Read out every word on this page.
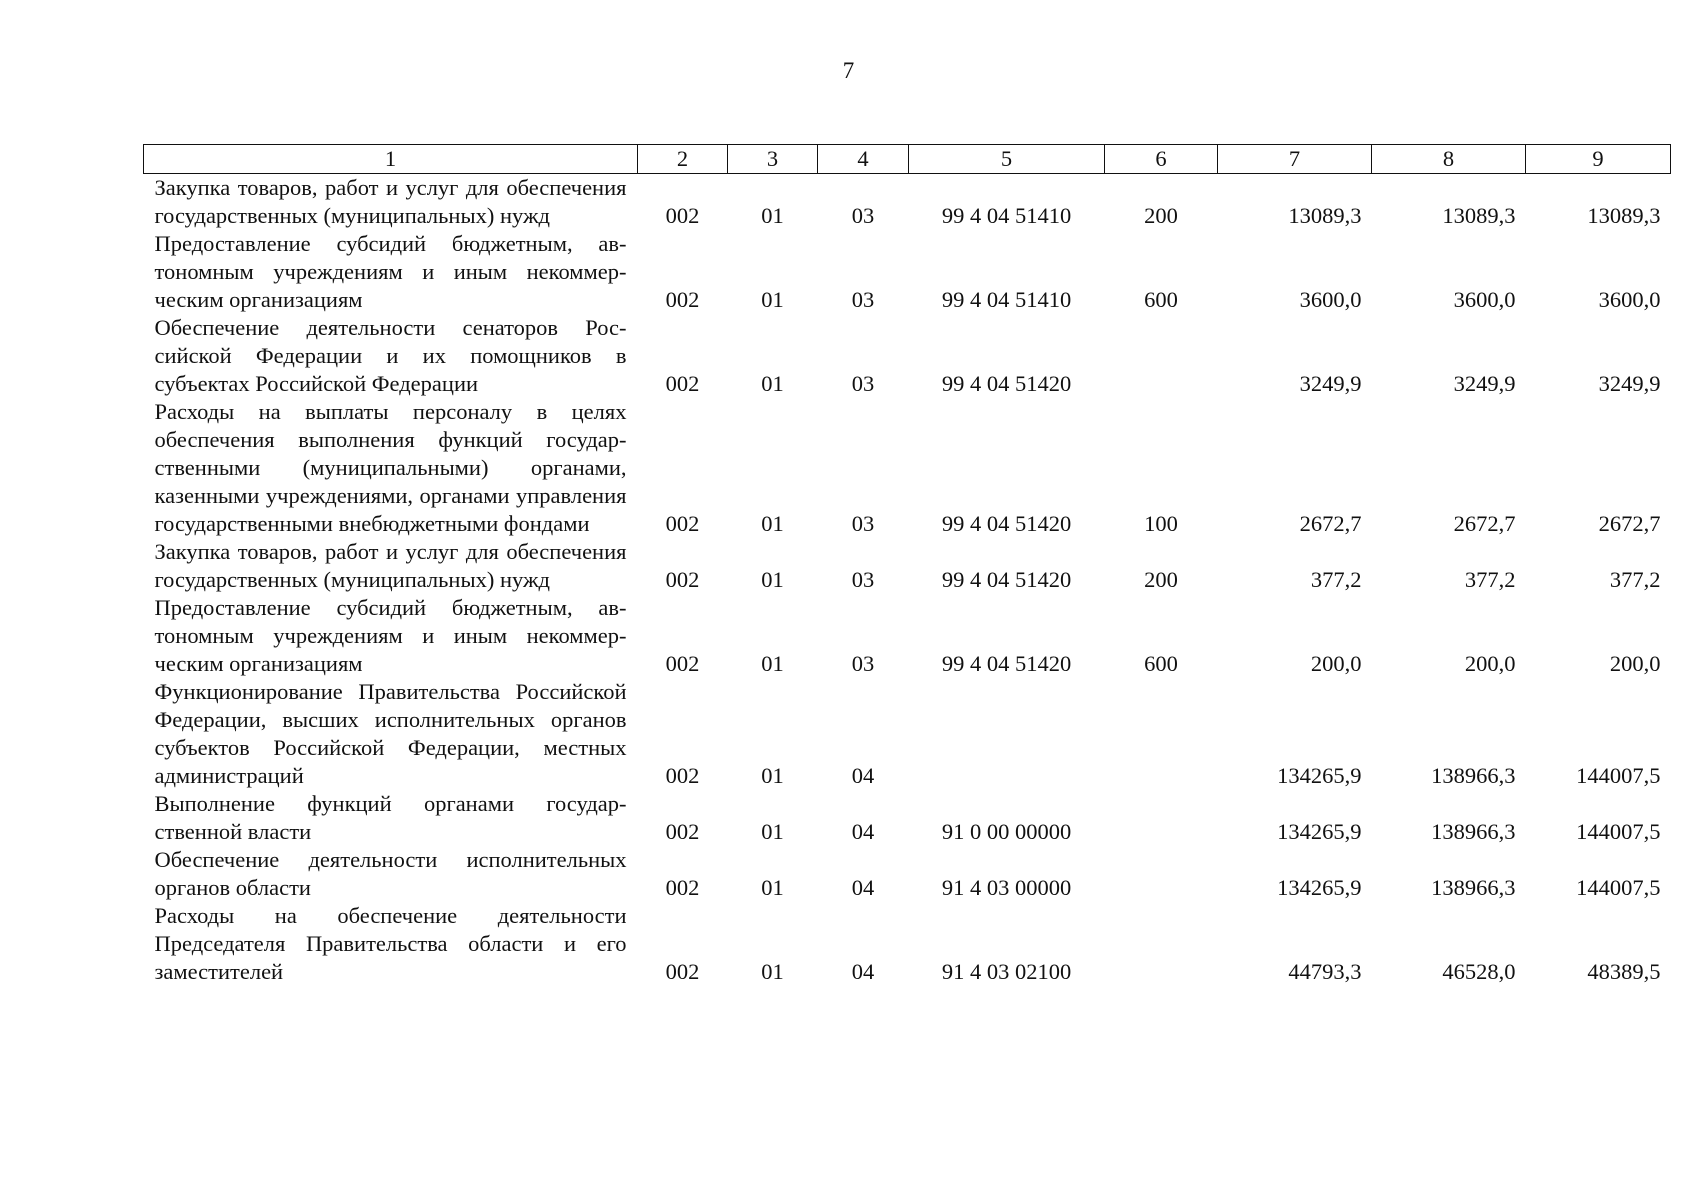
7
1	2	3	4	5	6	7	8	9
Закупка товаров, работ и услуг для обеспечения государственных (муниципальных) нужд	002	01	03	99 4 04 51410	200	13089,3	13089,3	13089,3
Предоставление субсидий бюджетным, автономным учреждениям и иным некоммерческим организациям	002	01	03	99 4 04 51410	600	3600,0	3600,0	3600,0
Обеспечение деятельности сенаторов Российской Федерации и их помощников в субъектах Российской Федерации	002	01	03	99 4 04 51420		3249,9	3249,9	3249,9
Расходы на выплаты персоналу в целях обеспечения выполнения функций государственными (муниципальными) органами, казенными учреждениями, органами управления государственными внебюджетными фондами	002	01	03	99 4 04 51420	100	2672,7	2672,7	2672,7
Закупка товаров, работ и услуг для обеспечения государственных (муниципальных) нужд	002	01	03	99 4 04 51420	200	377,2	377,2	377,2
Предоставление субсидий бюджетным, автономным учреждениям и иным некоммерческим организациям	002	01	03	99 4 04 51420	600	200,0	200,0	200,0
Функционирование Правительства Российской Федерации, высших исполнительных органов субъектов Российской Федерации, местных администраций	002	01	04			134265,9	138966,3	144007,5
Выполнение функций органами государственной власти	002	01	04	91 0 00 00000		134265,9	138966,3	144007,5
Обеспечение деятельности исполнительных органов области	002	01	04	91 4 03 00000		134265,9	138966,3	144007,5
Расходы на обеспечение деятельности Председателя Правительства области и его заместителей	002	01	04	91 4 03 02100		44793,3	46528,0	48389,5
